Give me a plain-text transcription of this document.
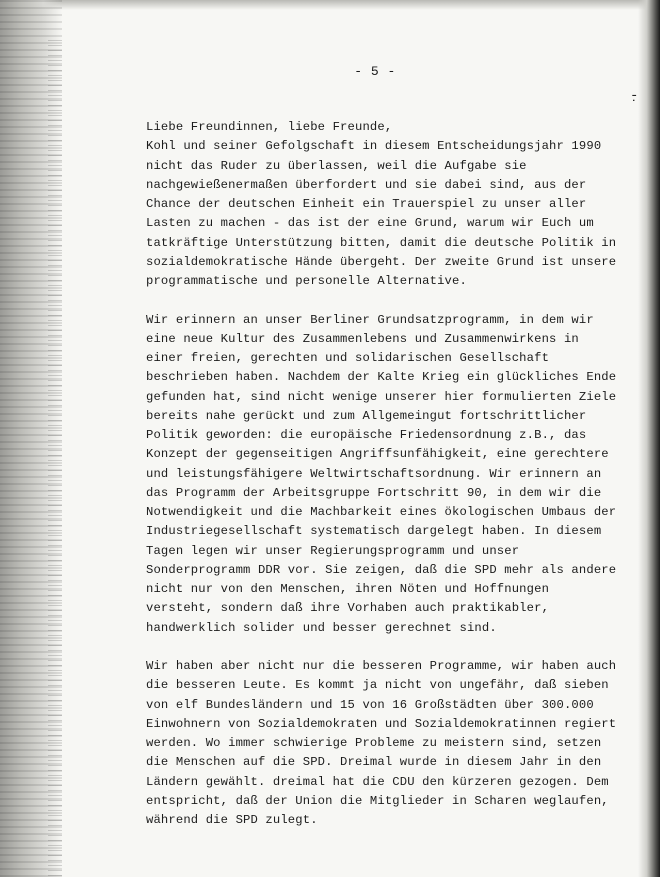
- 5 -
-̣

Liebe Freundinnen, liebe Freunde,
Kohl und seiner Gefolgschaft in diesem Entscheidungsjahr 1990
nicht das Ruder zu überlassen, weil die Aufgabe sie
nachgewießenermaßen überfordert und sie dabei sind, aus der
Chance der deutschen Einheit ein Trauerspiel zu unser aller
Lasten zu machen - das ist der eine Grund, warum wir Euch um
tatkräftige Unterstützung bitten, damit die deutsche Politik in
sozialdemokratische Hände übergeht. Der zweite Grund ist unsere
programmatische und personelle Alternative.

Wir erinnern an unser Berliner Grundsatzprogramm, in dem wir
eine neue Kultur des Zusammenlebens und Zusammenwirkens in
einer freien, gerechten und solidarischen Gesellschaft
beschrieben haben. Nachdem der Kalte Krieg ein glückliches Ende
gefunden hat, sind nicht wenige unserer hier formulierten Ziele
bereits nahe gerückt und zum Allgemeingut fortschrittlicher
Politik geworden: die europäische Friedensordnung z.B., das
Konzept der gegenseitigen Angriffsunfähigkeit, eine gerechtere
und leistungsfähigere Weltwirtschaftsordnung. Wir erinnern an
das Programm der Arbeitsgruppe Fortschritt 90, in dem wir die
Notwendigkeit und die Machbarkeit eines ökologischen Umbaus der
Industriegesellschaft systematisch dargelegt haben. In diesem
Tagen legen wir unser Regierungsprogramm und unser
Sonderprogramm DDR vor. Sie zeigen, daß die SPD mehr als andere
nicht nur von den Menschen, ihren Nöten und Hoffnungen
versteht, sondern daß ihre Vorhaben auch praktikabler,
handwerklich solider und besser gerechnet sind.

Wir haben aber nicht nur die besseren Programme, wir haben auch
die besseren Leute. Es kommt ja nicht von ungefähr, daß sieben
von elf Bundesländern und 15 von 16 Großstädten über 300.000
Einwohnern von Sozialdemokraten und Sozialdemokratinnen regiert
werden. Wo immer schwierige Probleme zu meistern sind, setzen
die Menschen auf die SPD. Dreimal wurde in diesem Jahr in den
Ländern gewählt. dreimal hat die CDU den kürzeren gezogen. Dem
entspricht, daß der Union die Mitglieder in Scharen weglaufen,
während die SPD zulegt.
